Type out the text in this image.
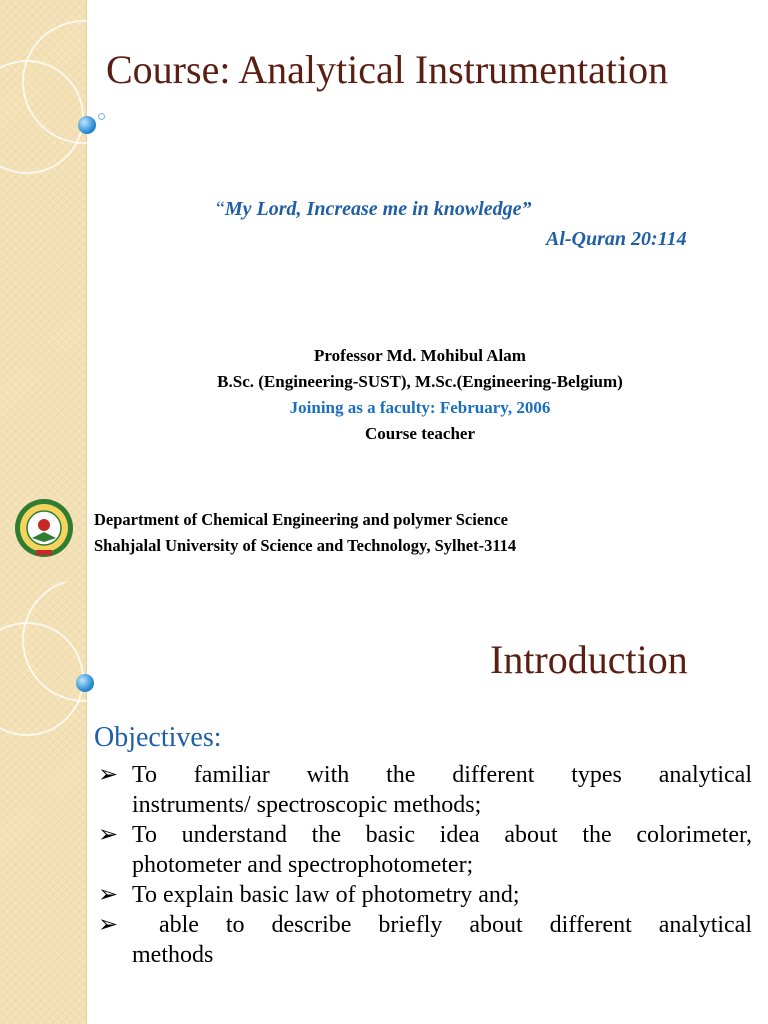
Course: Analytical Instrumentation
“My Lord, Increase me in knowledge”
Al-Quran 20:114
Professor Md. Mohibul Alam
B.Sc. (Engineering-SUST), M.Sc.(Engineering-Belgium)
Joining as a faculty: February, 2006
Course teacher
Department of Chemical Engineering and polymer Science
Shahjalal University of Science and Technology, Sylhet-3114
Introduction
Objectives:
➢ To familiar with the different types analytical
instruments/ spectroscopic methods;
➢ To understand the basic idea about the colorimeter,
photometer and spectrophotometer;
➢ To explain basic law of photometry and;
➢ able to describe briefly about different analytical
methods
